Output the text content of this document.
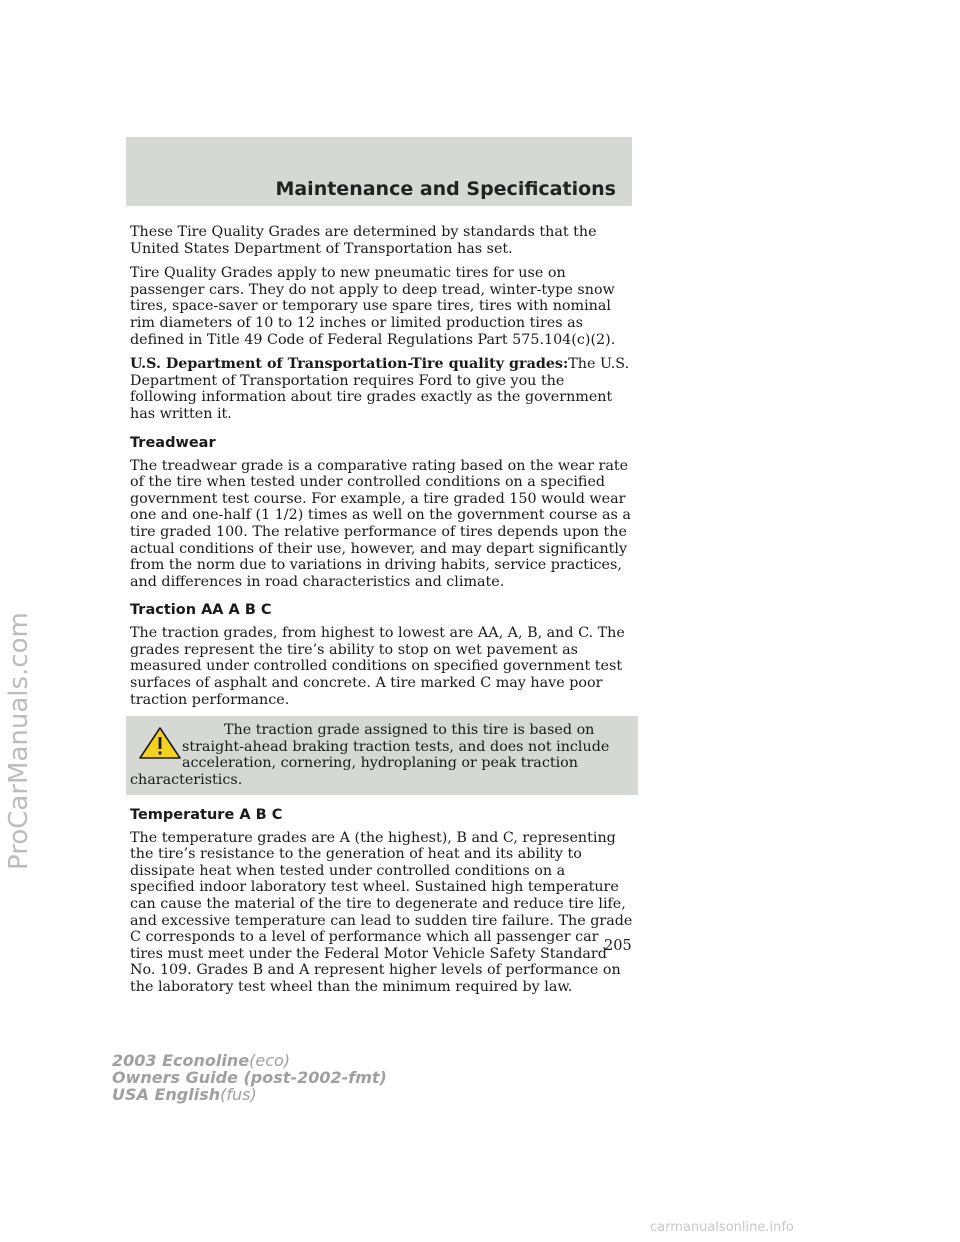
Maintenance and Specifications

These Tire Quality Grades are determined by standards that the United States Department of Transportation has set.

Tire Quality Grades apply to new pneumatic tires for use on passenger cars. They do not apply to deep tread, winter-type snow tires, space-saver or temporary use spare tires, tires with nominal rim diameters of 10 to 12 inches or limited production tires as defined in Title 49 Code of Federal Regulations Part 575.104(c)(2).

U.S. Department of Transportation-Tire quality grades:The U.S. Department of Transportation requires Ford to give you the following information about tire grades exactly as the government has written it.

Treadwear

The treadwear grade is a comparative rating based on the wear rate of the tire when tested under controlled conditions on a specified government test course. For example, a tire graded 150 would wear one and one-half (1 1/2) times as well on the government course as a tire graded 100. The relative performance of tires depends upon the actual conditions of their use, however, and may depart significantly from the norm due to variations in driving habits, service practices, and differences in road characteristics and climate.

Traction AA A B C

The traction grades, from highest to lowest are AA, A, B, and C. The grades represent the tire’s ability to stop on wet pavement as measured under controlled conditions on specified government test surfaces of asphalt and concrete. A tire marked C may have poor traction performance.

The traction grade assigned to this tire is based on straight-ahead braking traction tests, and does not include acceleration, cornering, hydroplaning or peak traction characteristics.
Temperature A B C

The temperature grades are A (the highest), B and C, representing the tire’s resistance to the generation of heat and its ability to dissipate heat when tested under controlled conditions on a specified indoor laboratory test wheel. Sustained high temperature can cause the material of the tire to degenerate and reduce tire life, and excessive temperature can lead to sudden tire failure. The grade C corresponds to a level of performance which all passenger car tires must meet under the Federal Motor Vehicle Safety Standard No. 109. Grades B and A represent higher levels of performance on the laboratory test wheel than the minimum required by law.

205
2003 Econoline(eco)
Owners Guide (post-2002-fmt)
USA English(fus)
ProCarManuals.com
carmanualsonline.info
